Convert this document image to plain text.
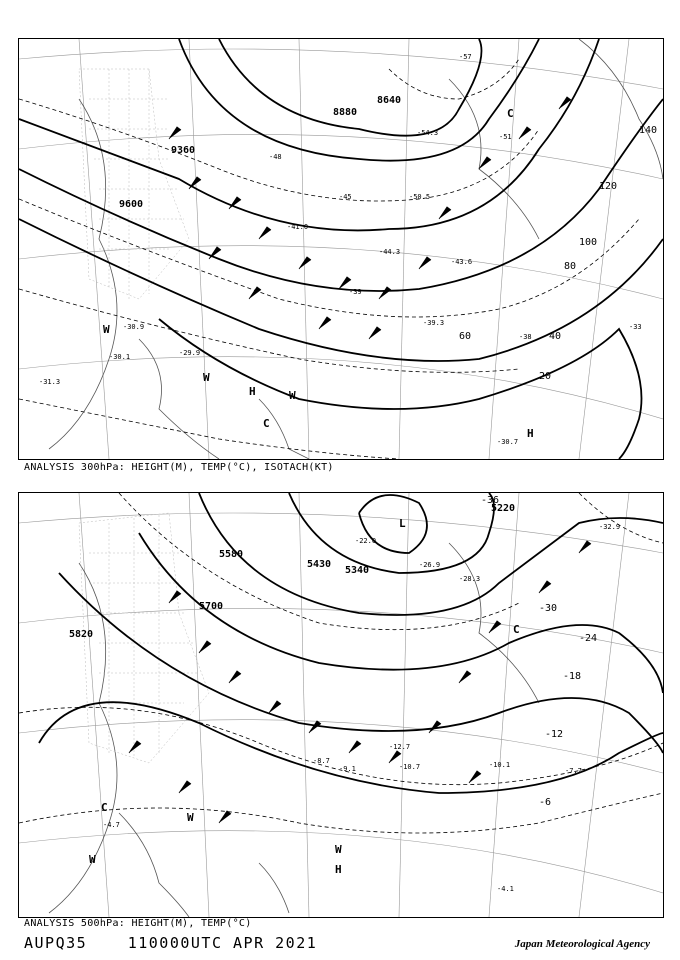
8640
8880
9360
9600
20
40
60
80
100
120
140
-30.1
-30.9
-29.9
-31.3
-39
-41.0
-43.6
-44.3
-45
-48
-50.5
-51
-54.3
-57
-33
-38
-39.3
-30.7
H
H
W
W
C
C
W
ANALYSIS 300hPa: HEIGHT(M), TEMP(°C), ISOTACH(KT)
5220
5340
5430
5580
5700
5820
-36
-30
-24
-18
-12
-6
-10.7
-12.7
-10.1
-7.7
-4.1
-4.7
-9.1
-8.7
-22.0
-28.3
-26.9
-32.9
L
H
W
W
W
C
C
ANALYSIS 500hPa: HEIGHT(M), TEMP(°C)
AUPQ35	110000UTC APR 2021	Japan Meteorological Agency
